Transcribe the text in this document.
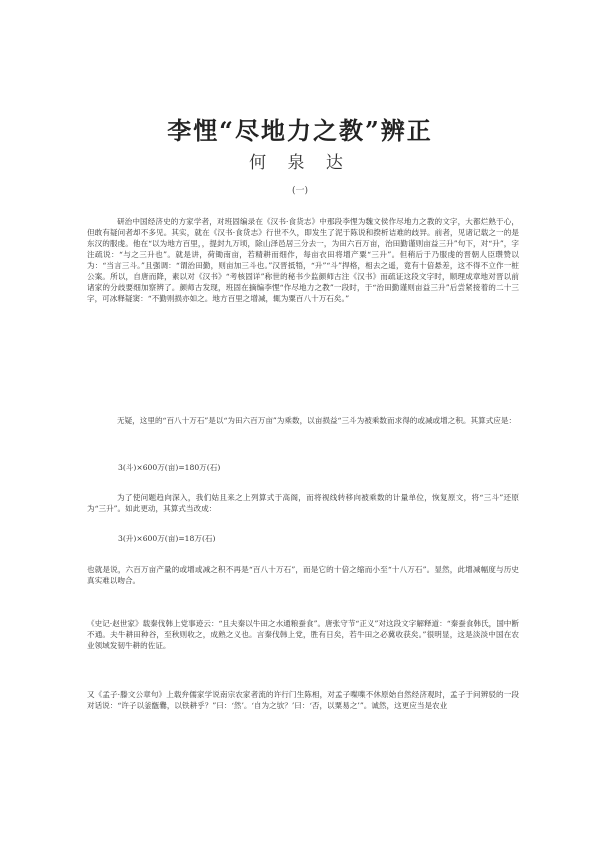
李悝“尽地力之教”辨正
何 泉 达
(一)

研治中国经济史的方家学者，对班固编录在《汉书·食货志》中那段李悝为魏文侯作尽地力之教的文字，大都烂熟于心，但敢有疑问者却不多见。其实，就在《汉书·食货志》行世不久，即发生了泥于陈说和揆析诘难的歧异。前者，见诸记载之一的是东汉的服虔。他在“以为地方百里，，提封九万顷，除山泽邑居三分去一，为田六百万亩，治田勤谨则亩益三升”句下，对“升”，字注疏说：“与之三升也”。就是讲，荷锄南亩，若精耕而细作，每亩衣田将增产粟“三升”。但稍后于乃服虔的晋朝人臣瓒赞以为：“当言三斗。”且强调：“谓治田勤，则亩加三斗也。”汉晋抵牾，“升”“斗”捍格，相去之遥，竟有十倍悬差，这不得不立作一桩公案。所以，自唐而降，素以对《汉书》“考核固详”称世的秘书少监颜师古注《汉书》而疏证这段文字时，顺理成章地对晋以前诸家的分歧要细加察辨了。颜师古发现，班固在摘编李悝“作尽地力之教”一段时，于“治田勤谨则亩益三升”后尝紧接着的二十三字，可冰释疑窦：“不勤则损亦如之。地方百里之增减，辄为粟百八十万石矣。”

无疑，这里的“百八十万石”是以“为田六百万亩”为乘数，以亩损益“三斗为被乘数而求得的或减或增之积。其算式应是：

3(斗)×600万(亩)=180万(石)

为了使问题趋向深入，我们姑且来之上列算式于高阁，而将视线转移向被乘数的计量单位，恢复原文，将“三斗”还原为“三升”。如此更动，其算式当改成：

3(升)×600万(亩)=18万(石)

也就是说，六百万亩产量的或增或减之积不再是“百八十万石”，而是它的十倍之缩而小至“十八万石”。显然，此增减幅度与历史真实难以吻合。

《史记·赵世家》载秦伐韩上党事迹云：“且夫秦以牛田之水通粮蚕食”。唐张守节“正义”对这段文字解释道：“秦蚕食韩氏，国中断不通。夫牛耕田种谷，至秋则收之，成熟之义也。言秦伐韩上党，胜有日矣，若牛田之必冀收获矣。”很明显，这是淡淡中国在农业领域发韧牛耕的佐证。

又《孟子·滕文公章句》上载弁儒家学说南宗农家者流的许行门生陈相，对孟子喋喋不休原始自然经济观时，孟子于问辨驳的一段对话说：“许子以釜甑爨，以铁耕乎？”曰：‘然’。‘自为之欤？’曰：‘否，以粟易之’”。诚然，这更应当是农业
